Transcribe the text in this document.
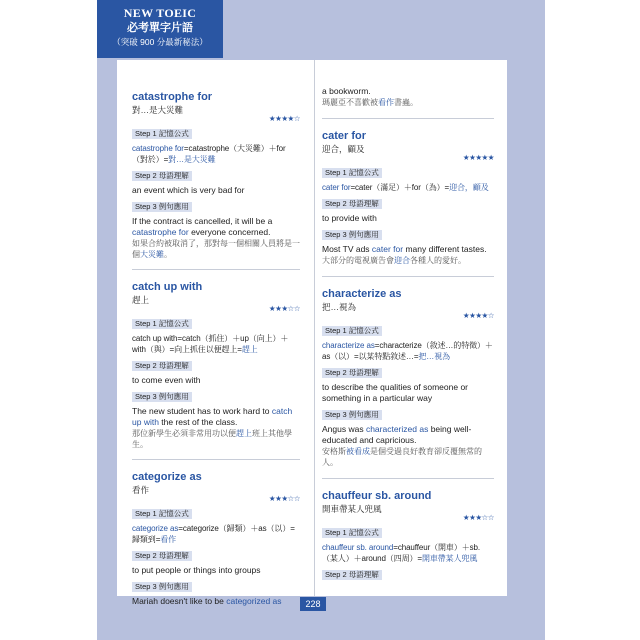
NEW TOEIC
必考單字片語
（突破 900 分最新秘法）
catastrophe for
對…是大災難
★★★★☆
Step 1 記憶公式
catastrophe for=catastrophe（大災難）＋for（對於）=對…是大災難
Step 2 母語理解
an event which is very bad for
Step 3 例句應用
If the contract is cancelled, it will be a catastrophe for everyone concerned.
如果合約被取消了，那對每一個相關人員將是一個大災難。
catch up with
趕上
★★★☆☆
Step 1 記憶公式
catch up with=catch（抓住）＋up（向上）＋with（與）=向上抓住以便趕上=趕上
Step 2 母語理解
to come even with
Step 3 例句應用
The new student has to work hard to catch up with the rest of the class.
那位新學生必須非常用功以便趕上班上其他學生。
categorize as
看作
★★★☆☆
Step 1 記憶公式
categorize as=categorize（歸類）＋as（以）=歸類到=看作
Step 2 母語理解
to put people or things into groups
Step 3 例句應用
Mariah doesn't like to be categorized as
a bookworm.
瑪麗亞不喜歡被看作書蟲。
cater for
迎合，顧及
★★★★★
Step 1 記憶公式
cater for=cater（滿足）＋for（為）=迎合，顧及
Step 2 母語理解
to provide with
Step 3 例句應用
Most TV ads cater for many different tastes.
大部分的電視廣告會迎合各種人的愛好。
characterize as
把…視為
★★★★☆
Step 1 記憶公式
characterize as=characterize（敘述…的特徵）＋as（以）=以某特點敘述…=把…視為
Step 2 母語理解
to describe the qualities of someone or something in a particular way
Step 3 例句應用
Angus was characterized as being well-educated and capricious.
安格斯被看成是個受過良好教育卻反覆無常的人。
chauffeur sb. around
開車帶某人兜風
★★★☆☆
Step 1 記憶公式
chauffeur sb. around=chauffeur（開車）＋sb.（某人）＋around（四周）=開車帶某人兜風
Step 2 母語理解
228
